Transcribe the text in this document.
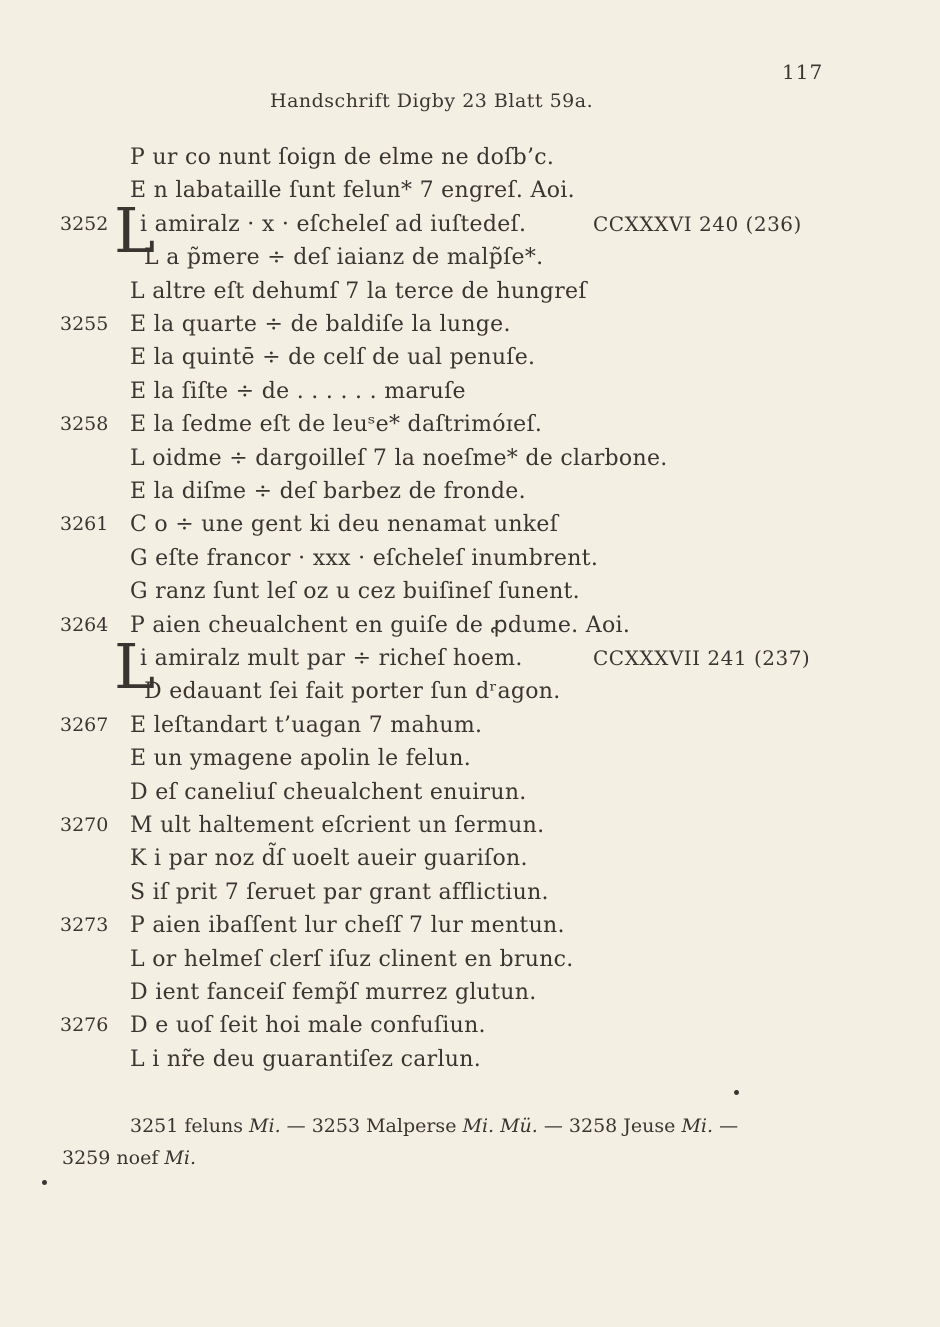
117
Handschrift Digby 23 Blatt 59a.
P ur co nunt ſoign de elme ne doſb’c.
E n labataille ſunt felun* 7 engreſ. Aoi.
3252 i amiralz · x · eſcheleſ ad iuſtedeſ.	CCXXXVI 240 (236)
L a p̃mere ÷ deſ iaianz de malp̃ſe*.
L altre eſt dehumſ 7 la terce de hungreſ
3255 E la quarte ÷ de baldiſe la lunge.
E la quintē ÷ de celſ de ual penuſe.
E la ſiſte ÷ de . . . . . . maruſe
3258 E la ſedme eſt de leuˢe* daſtrimóɪeſ.
L oidme ÷ dargoilleſ 7 la noeſme* de clarbone.
E la diſme ÷ deſ barbez de fronde.
3261 C o ÷ une gent ki deu nenamat unkeſ
G eſte francor · xxx · eſcheleſ inumbrent.
G ranz ſunt leſ oz u cez buiſineſ ſunent.
3264 P aien cheualchent en guiſe de ꝓdume. Aoi.
i amiralz mult par ÷ richeſ hoem.	CCXXXVII 241 (237)
D edauant ſei fait porter ſun dʳagon.
3267 E leſtandart t’uagan 7 mahum.
E un ymagene apolin le felun.
D eſ caneliuſ cheualchent enuirun.
3270 M ult haltement eſcrient un ſermun.
K i par noz d̃ſ uoelt aueir guariſon.
S iſ prit 7 ſeruet par grant afflictiun.
3273 P aien ibaſſent lur cheſſ 7 lur mentun.
L or helmeſ clerſ iſuz clinent en brunc.
D ient fanceiſ femp̃ſ murrez glutun.
3276 D e uoſ ſeit hoi male confuſiun.
L i nr̃e deu guarantiſez carlun.
L
L
3251 feluns Mi. — 3253 Malperse Mi. Mü. — 3258 Jeuse Mi. —
3259 noef Mi.
